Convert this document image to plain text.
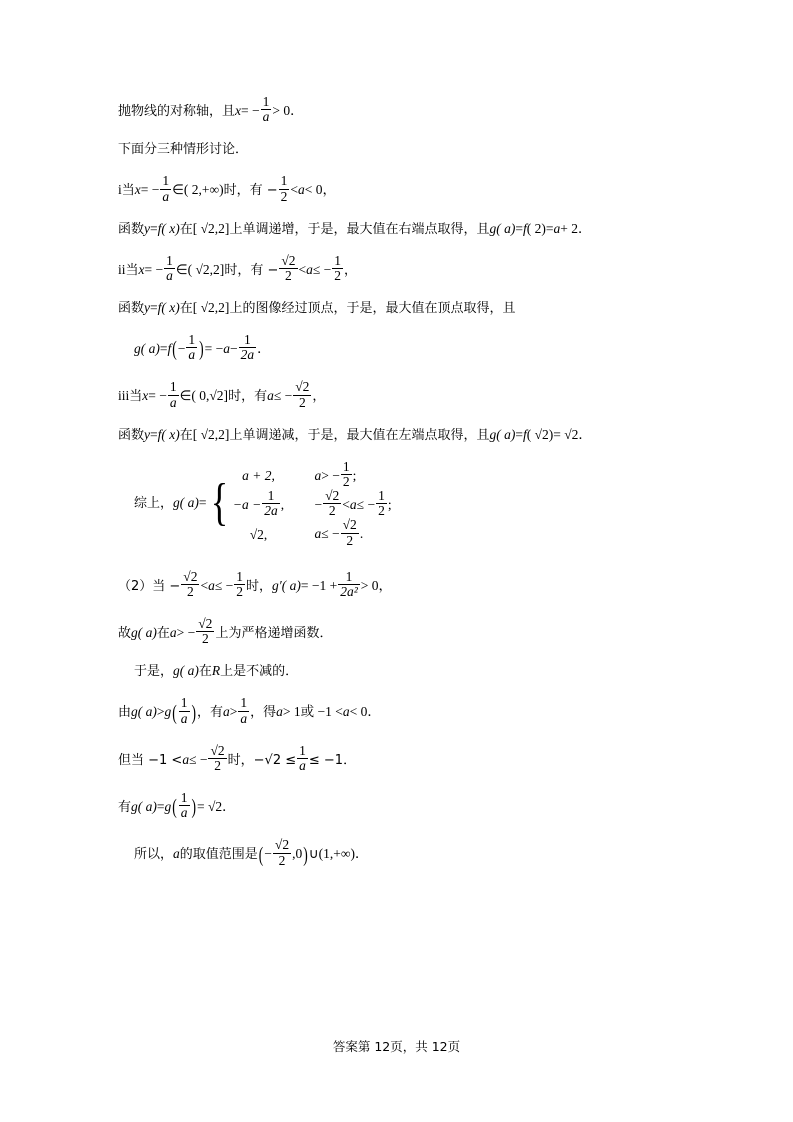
抛物线的对称轴，且$x= - \frac{1}{a} > 0$．
下面分三种情形讨论．
i当$x= - \frac{1}{a}$ ∈( 2,+∞)时，有 − $\frac{1}{2} <a< 0$，
函数y=f( x)在[ √2,2]上单调递增，于是，最大值在右端点取得，且g( a)=f( 2)=a+ 2．
ii当$x= - \frac{1}{a}$ ∈( √2,2]时，有 − $\frac{√2}{2} <a\le - \frac{1}{2}$ ，
函数y=f( x)在[ √2,2]上的图像经过顶点，于是，最大值在顶点取得，且
g( $a)=f(- \frac{1}{a}$ )= $-a- \frac{1}{2a}$ ．
iii当$x= - \frac{1}{a}$ ∈( 0,√2]时，有$a\le - \frac{√2}{2}$ ，
函数y=f( x)在[ √2,2]上单调递减，于是，最大值在左端点取得，且g( a)=f( √2)= √2．
综上，g( a)= {	a + 2,	$a> - \frac{1}{2}$ ;
$-a - \frac{1}{2a}$ , − $\frac{√2}{2} <a\le - \frac{1}{2}$ ;
√2,	$a\le - \frac{√2}{2}$ .
（2）当 − $\frac{√2}{2} <a\le - \frac{1}{2}$ 时，g′( $a)= -1 + \frac{1}{\text{2a²}} > 0$，
故g( a)在$a> - \frac{√2}{2}$ 上为严格递增函数．
于是，g( a)在R上是不减的．
由g( $a)>g( \frac{1}{a}$ )，有$a> \frac{1}{a}$ ，得a> 1或 −1 <a< 0．
但当 $-1 <a\le - \frac{√2}{2}$ 时，$-√2 \le \frac{1}{a} \le -1$．
有g( $a)=g( \frac{1}{a}$ )= √2．
所以，a的取值范围是(− $\frac{√2}{2}$ ,0)∪(1,+∞)．
答案第 12页，共 12页
